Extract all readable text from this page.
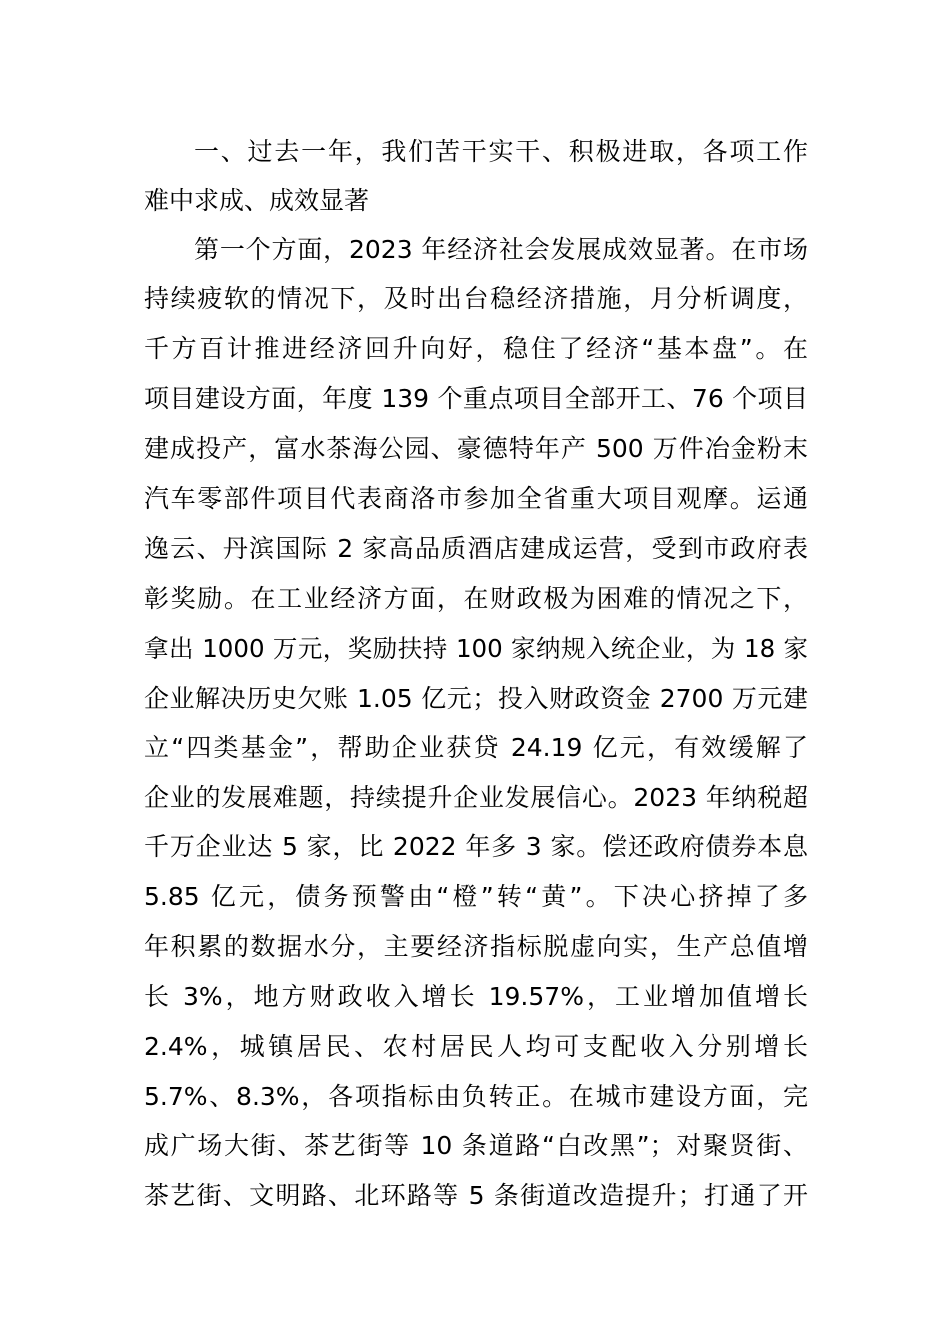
一、过去一年，我们苦干实干、积极进取，各项工作
难中求成、成效显著
第一个方面，2023 年经济社会发展成效显著。在市场
持续疲软的情况下，及时出台稳经济措施，月分析调度，
千方百计推进经济回升向好，稳住了经济“基本盘”。在
项目建设方面，年度 139 个重点项目全部开工、76 个项目
建成投产，富水茶海公园、豪德特年产 500 万件冶金粉末
汽车零部件项目代表商洛市参加全省重大项目观摩。运通
逸云、丹滨国际 2 家高品质酒店建成运营，受到市政府表
彰奖励。在工业经济方面，在财政极为困难的情况之下，
拿出 1000 万元，奖励扶持 100 家纳规入统企业，为 18 家
企业解决历史欠账 1.05 亿元；投入财政资金 2700 万元建
立“四类基金”，帮助企业获贷 24.19 亿元，有效缓解了
企业的发展难题，持续提升企业发展信心。2023 年纳税超
千万企业达 5 家，比 2022 年多 3 家。偿还政府债券本息
5.85 亿元，债务预警由“橙”转“黄”。下决心挤掉了多
年积累的数据水分，主要经济指标脱虚向实，生产总值增
长 3%，地方财政收入增长 19.57%，工业增加值增长
2.4%，城镇居民、农村居民人均可支配收入分别增长
5.7%、8.3%，各项指标由负转正。在城市建设方面，完
成广场大街、茶艺街等 10 条道路“白改黑”；对聚贤街、
茶艺街、文明路、北环路等 5 条街道改造提升；打通了开
